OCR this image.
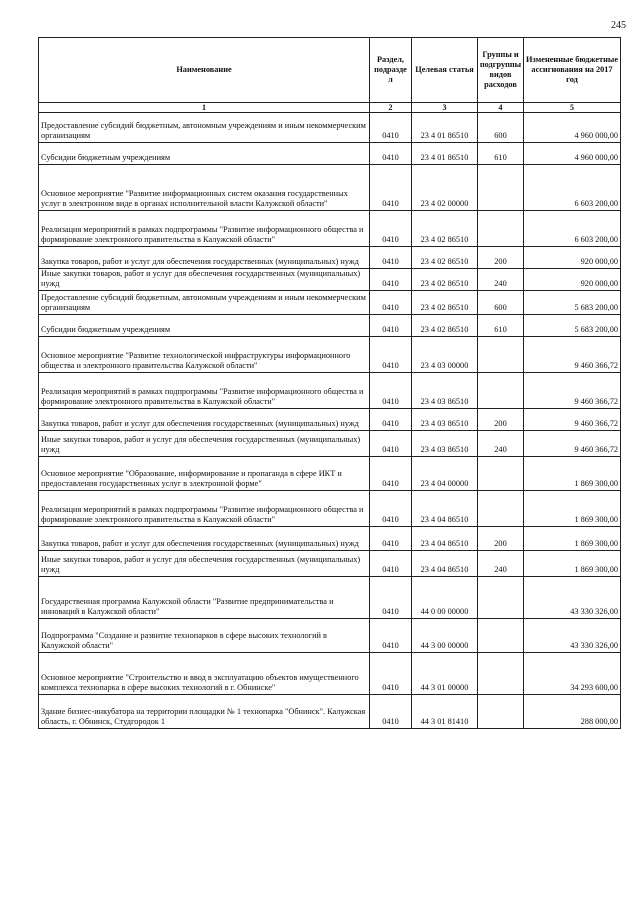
245
Наименование	Раздел, подразде л	Целевая статья	Группы и подгруппы видов расходов	Измененные бюджетные ассигнования на 2017 год
1	2	3	4	5
Предоставление субсидий бюджетным, автономным учреждениям и иным некоммерческим организациям	0410	23 4 01 86510	600	4 960 000,00
Субсидии бюджетным учреждениям	0410	23 4 01 86510	610	4 960 000,00
Основное мероприятие "Развитие информационных систем оказания государственных услуг в электронном виде в органах исполнительной власти Калужской области"	0410	23 4 02 00000		6 603 200,00
Реализация мероприятий в рамках подпрограммы "Развитие информационного общества и формирование электронного правительства в Калужской области"	0410	23 4 02 86510		6 603 200,00
Закупка товаров, работ и услуг для обеспечения государственных (муниципальных) нужд	0410	23 4 02 86510	200	920 000,00
Иные закупки товаров, работ и услуг для обеспечения государственных (муниципальных) нужд	0410	23 4 02 86510	240	920 000,00
Предоставление субсидий бюджетным, автономным учреждениям и иным некоммерческим организациям	0410	23 4 02 86510	600	5 683 200,00
Субсидии бюджетным учреждениям	0410	23 4 02 86510	610	5 683 200,00
Основное мероприятие "Развитие технологической инфраструктуры информационного общества и электронного правительства Калужской области"	0410	23 4 03 00000		9 460 366,72
Реализация мероприятий в рамках подпрограммы "Развитие информационного общества и формирование электронного правительства в Калужской области"	0410	23 4 03 86510		9 460 366,72
Закупка товаров, работ и услуг для обеспечения государственных (муниципальных) нужд	0410	23 4 03 86510	200	9 460 366,72
Иные закупки товаров, работ и услуг для обеспечения государственных (муниципальных) нужд	0410	23 4 03 86510	240	9 460 366,72
Основное мероприятие "Образование, информирование и пропаганда в сфере ИКТ и предоставления государственных услуг в электронной форме"	0410	23 4 04 00000		1 869 300,00
Реализация мероприятий в рамках подпрограммы "Развитие информационного общества и формирование электронного правительства в Калужской области"	0410	23 4 04 86510		1 869 300,00
Закупка товаров, работ и услуг для обеспечения государственных (муниципальных) нужд	0410	23 4 04 86510	200	1 869 300,00
Иные закупки товаров, работ и услуг для обеспечения государственных (муниципальных) нужд	0410	23 4 04 86510	240	1 869 300,00
Государственная программа Калужской области "Развитие предпринимательства и инноваций в Калужской области"	0410	44 0 00 00000		43 330 326,00
Подпрограмма "Создание и развитие технопарков в сфере высоких технологий в Калужской области"	0410	44 3 00 00000		43 330 326,00
Основное мероприятие "Строительство и ввод в эксплуатацию объектов имущественного комплекса технопарка в сфере высоких технологий в г. Обнинске"	0410	44 3 01 00000		34 293 600,00
Здание бизнес-инкубатора на территории площадки № 1 технопарка "Обнинск". Калужская область, г. Обнинск, Студгородок 1	0410	44 3 01 81410		288 000,00
